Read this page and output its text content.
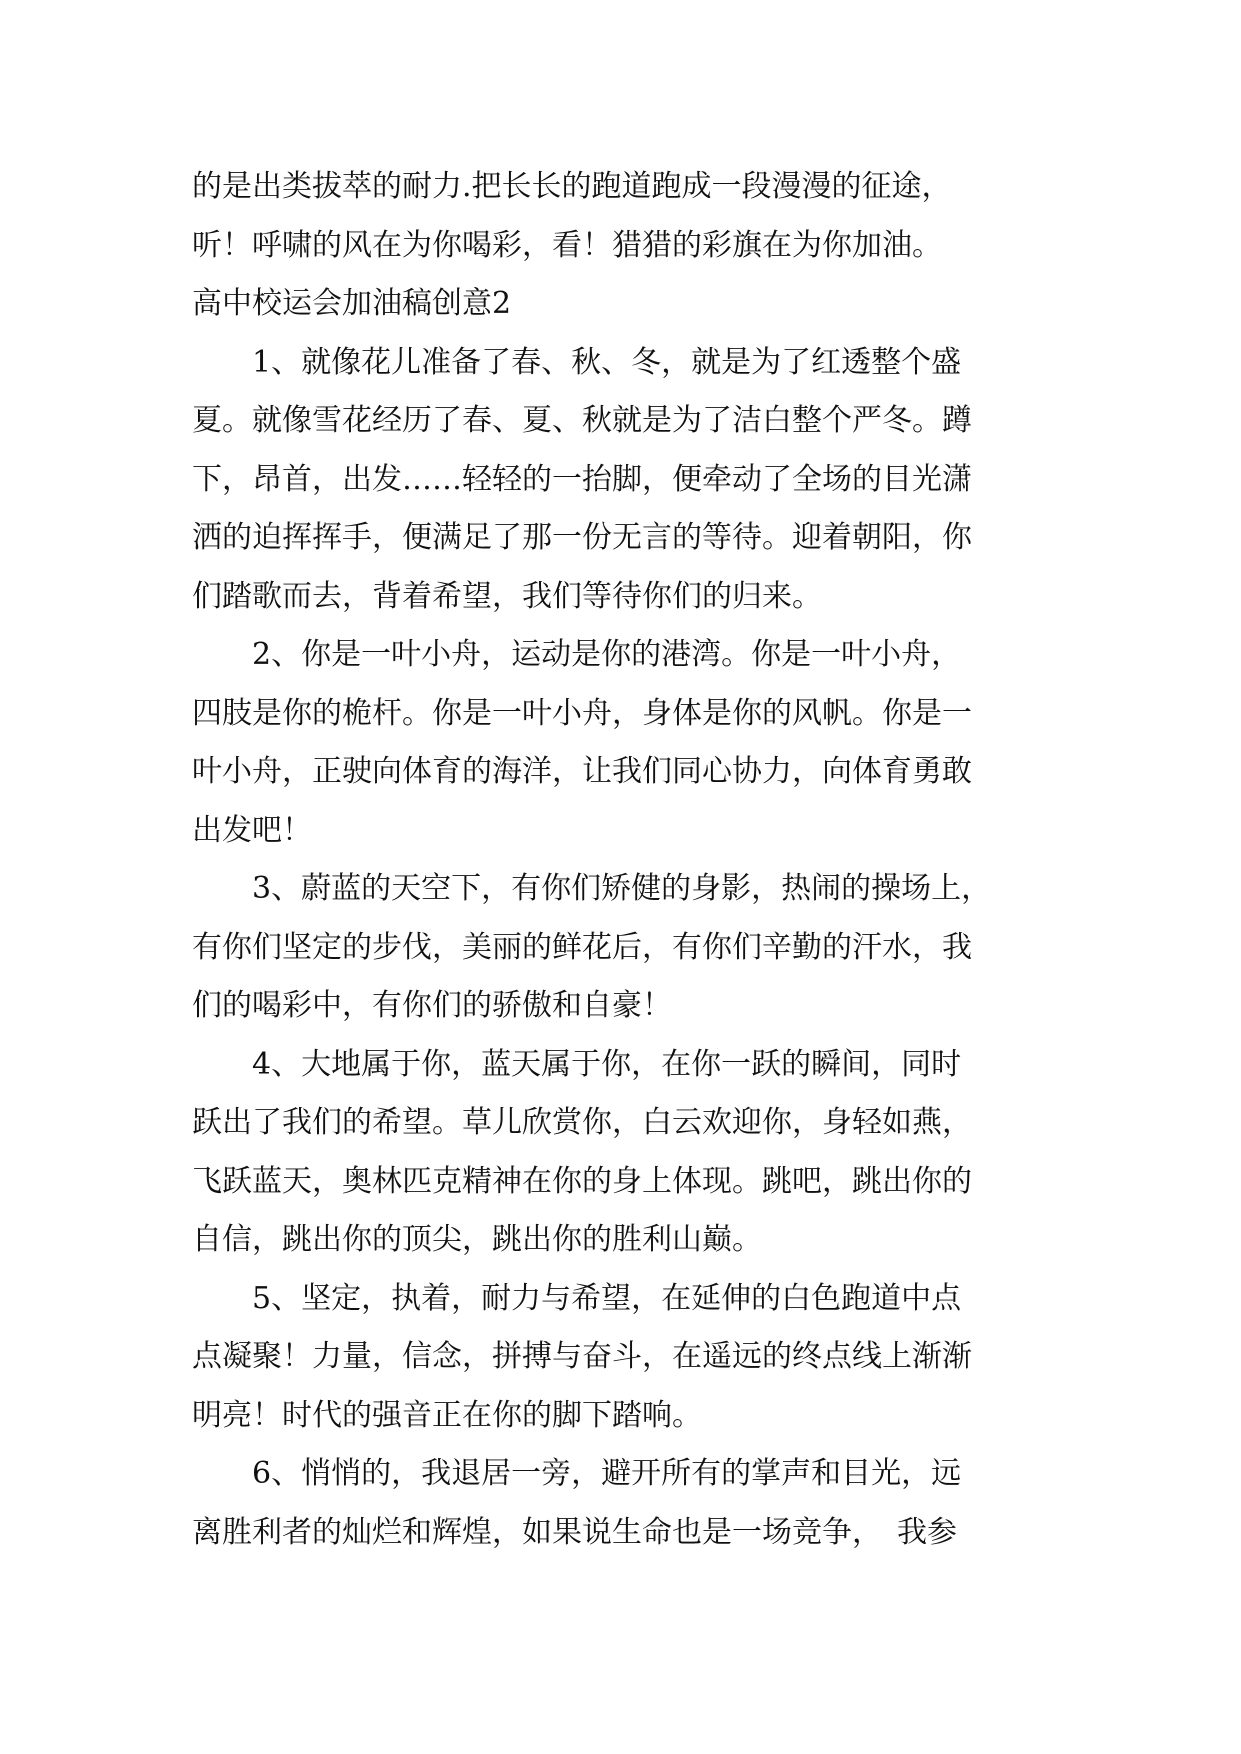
的是出类拔萃的耐力.把长长的跑道跑成一段漫漫的征途，
听！呼啸的风在为你喝彩，看！猎猎的彩旗在为你加油。
高中校运会加油稿创意2
1、就像花儿准备了春、秋、冬，就是为了红透整个盛
夏。就像雪花经历了春、夏、秋就是为了洁白整个严冬。蹲
下，昂首，出发……轻轻的一抬脚，便牵动了全场的目光潇
洒的迫挥挥手，便满足了那一份无言的等待。迎着朝阳，你
们踏歌而去，背着希望，我们等待你们的归来。
2、你是一叶小舟，运动是你的港湾。你是一叶小舟，
四肢是你的桅杆。你是一叶小舟，身体是你的风帆。你是一
叶小舟，正驶向体育的海洋，让我们同心协力，向体育勇敢
出发吧！
3、蔚蓝的天空下，有你们矫健的身影，热闹的操场上，
有你们坚定的步伐，美丽的鲜花后，有你们辛勤的汗水，我
们的喝彩中，有你们的骄傲和自豪！
4、大地属于你，蓝天属于你，在你一跃的瞬间，同时
跃出了我们的希望。草儿欣赏你，白云欢迎你，身轻如燕，
飞跃蓝天，奥林匹克精神在你的身上体现。跳吧，跳出你的
自信，跳出你的顶尖，跳出你的胜利山巅。
5、坚定，执着，耐力与希望，在延伸的白色跑道中点
点凝聚！力量，信念，拼搏与奋斗，在遥远的终点线上渐渐
明亮！时代的强音正在你的脚下踏响。
6、悄悄的，我退居一旁，避开所有的掌声和目光，远
离胜利者的灿烂和辉煌，如果说生命也是一场竞争，　我参
